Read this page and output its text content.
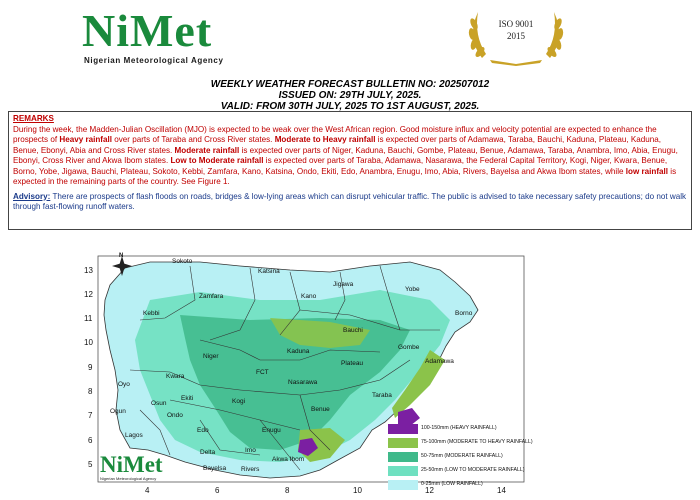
NiMet
Nigerian Meteorological Agency
ISO 9001
2015
WEEKLY WEATHER FORECAST BULLETIN NO: 202507012
ISSUED ON: 29TH JULY, 2025.
VALID: FROM 30TH JULY, 2025 TO 1ST AUGUST, 2025.
REMARKS
During the week, the Madden-Julian Oscillation (MJO) is expected to be weak over the West African region. Good moisture influx and velocity potential are expected to enhance the prospects of Heavy rainfall over parts of Taraba and Cross River states. Moderate to Heavy rainfall is expected over parts of Adamawa, Taraba, Bauchi, Kaduna, Plateau, Kaduna, Benue, Ebonyi, Abia and Cross River states. Moderate rainfall is expected over parts of Niger, Kaduna, Bauchi, Gombe, Plateau, Benue, Adamawa, Taraba, Anambra, Imo, Abia, Enugu, Ebonyi, Cross River and Akwa Ibom states. Low to Moderate rainfall is expected over parts of Taraba, Adamawa, Nasarawa, the Federal Capital Territory, Kogi, Niger, Kwara, Benue, Borno, Yobe, Jigawa, Bauchi, Plateau, Sokoto, Kebbi, Zamfara, Kano, Katsina, Ondo, Ekiti, Edo, Anambra, Enugu, Imo, Abia, Rivers, Bayelsa and Akwa Ibom states, while low rainfall is expected in the remaining parts of the country. See Figure 1.
Advisory: There are prospects of flash floods on roads, bridges & low-lying areas which can disrupt vehicular traffic. The public is advised to take necessary safety precautions; do not walk through fast-flowing runoff waters.
13
12
11
10
9
8
7
6
5
4	6	8	10	12	14
N
Sokoto
Katsina
Jigawa
Yobe
Zamfara	Kano
Kebbi	Borno
Bauchi
Gombe
Kaduna
Niger
Plateau	Adamawa
FCT
Kwara
Nasarawa
Oyo
Ekiti	Kogi
Osun
Ondo
Benue
Taraba
Ogun
Edo
Lagos
Enugu
Imo
Delta
Akwa Ibom
Bayelsa Rivers
100-150mm (HEAVY RAINFALL)
75-100mm (MODERATE TO HEAVY RAINFALL)
50-75mm (MODERATE RAINFALL)
25-50mm (LOW TO MODERATE RAINFALL)
0-25mm (LOW RAINFALL)
NiMet
Nigerian Meteorological Agency
